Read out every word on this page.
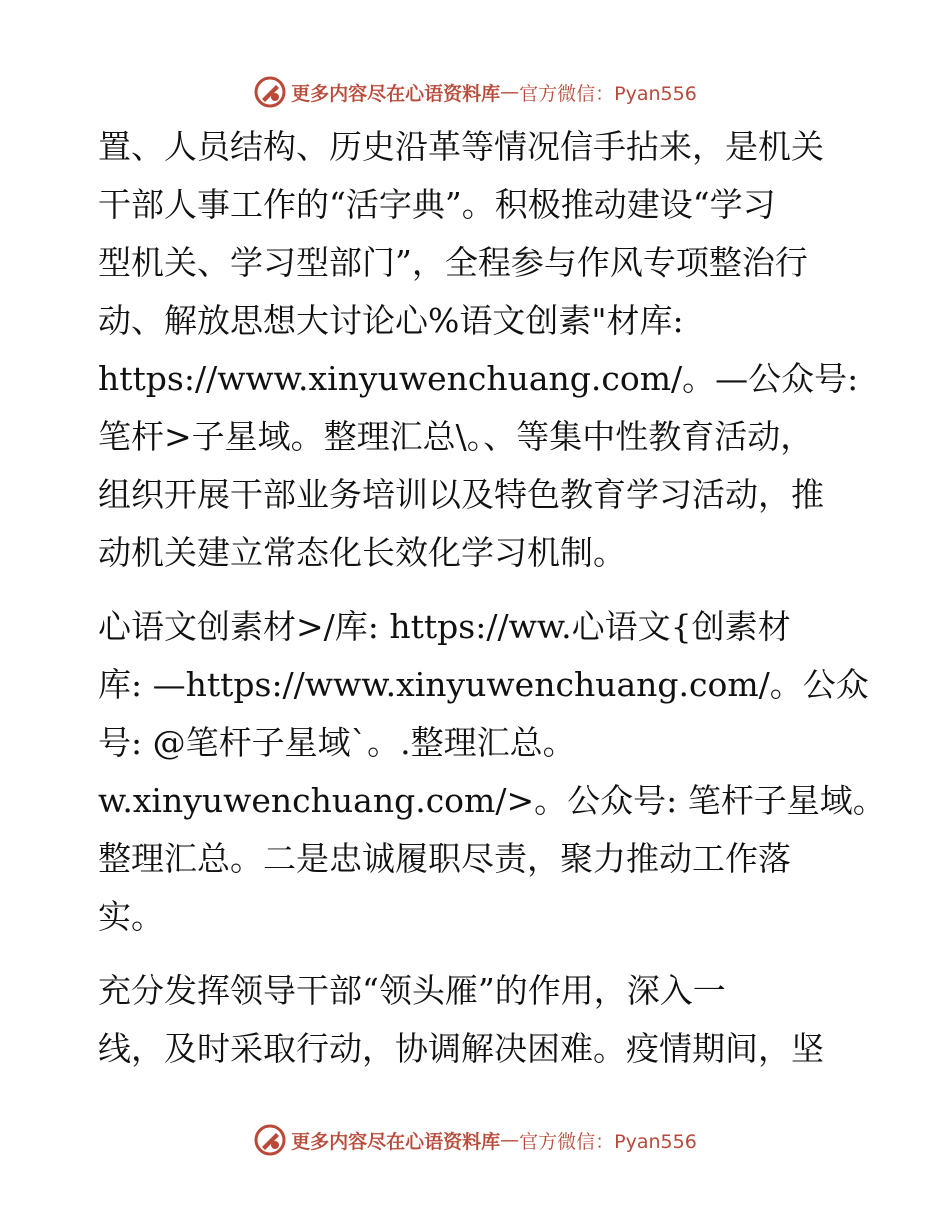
更多内容尽在心语资料库 — 官方微信：Pyan556
置、人员结构、历史沿革等情况信手拈来，是机关
干部人事工作的“活字典”。积极推动建设“学习
型机关、学习型部门”，全程参与作风专项整治行
动、解放思想大讨论心%语文创素"材库:
https://www.xinyuwenchuang.com/。—公众号:
笔杆>子星域。整理汇总\。、等集中性教育活动，
组织开展干部业务培训以及特色教育学习活动，推
动机关建立常态化长效化学习机制。
心语文创素材>/库: https://ww.心语文{创素材
库: —https://www.xinyuwenchuang.com/。公众
号: @笔杆子星域`。.整理汇总。
w.xinyuwenchuang.com/>。公众号: 笔杆子星域。
整理汇总。二是忠诚履职尽责，聚力推动工作落
实。
充分发挥领导干部“领头雁”的作用，深入一
线，及时采取行动，协调解决困难。疫情期间，坚
更多内容尽在心语资料库 — 官方微信：Pyan556
